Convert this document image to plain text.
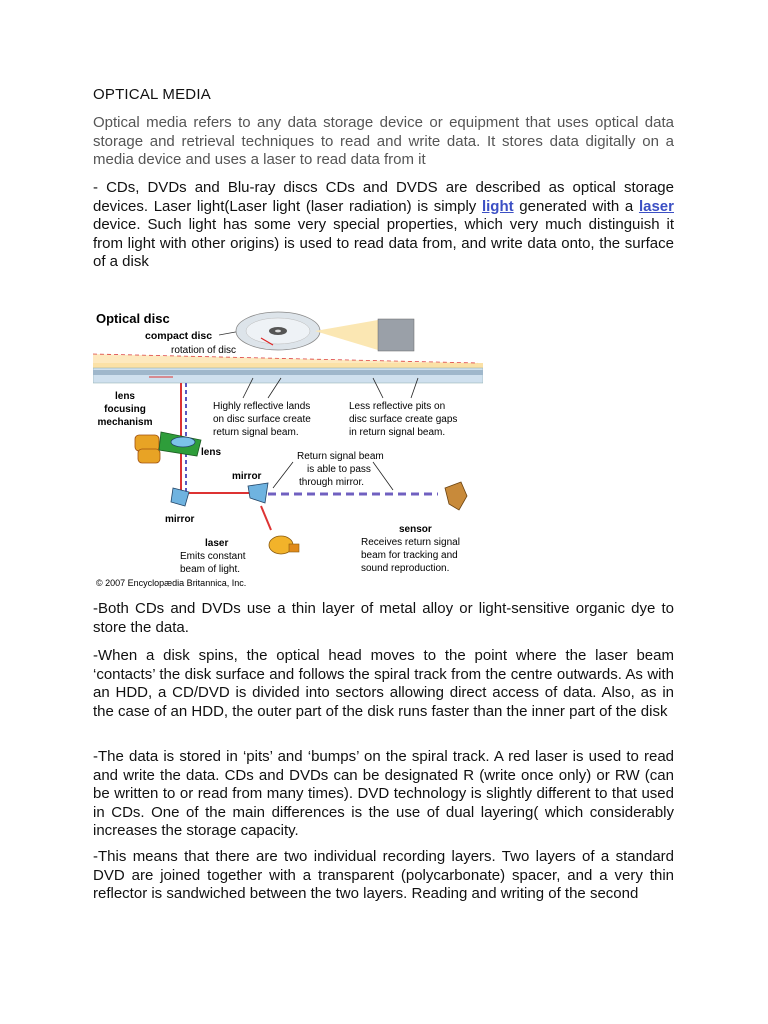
OPTICAL MEDIA

Optical media refers to any data storage device or equipment that uses optical data storage and retrieval techniques to read and write data. It stores data digitally on a media device and uses a laser to read data from it

- CDs, DVDs and Blu-ray discs CDs and DVDS are described as optical storage devices. Laser light(Laser light (laser radiation) is simply light generated with a laser device. Such light has some very special properties, which very much distinguish it from light with other origins) is used to read data from, and write data onto, the surface of a disk

Optical disc
compact disc
rotation of disc
lens
focusing
mechanism
lens
Highly reflective lands
on disc surface create
return signal beam.
Less reflective pits on
disc surface create gaps
in return signal beam.
mirror
Return signal beam
is able to pass
through mirror.
sensor
Receives return signal
beam for tracking and
sound reproduction.
mirror
laser
Emits constant
beam of light.
© 2007 Encyclopædia Britannica, Inc.

-Both CDs and DVDs use a thin layer of metal alloy or light-sensitive organic dye to store the data.

-When a disk spins, the optical head moves to the point where the laser beam ‘contacts’ the disk surface and follows the spiral track from the centre outwards. As with an HDD, a CD/DVD is divided into sectors allowing direct access of data. Also, as in the case of an HDD, the outer part of the disk runs faster than the inner part of the disk

-The data is stored in ‘pits’ and ‘bumps’ on the spiral track. A red laser is used to read and write the data. CDs and DVDs can be designated R (write once only) or RW (can be written to or read from many times). DVD technology is slightly different to that used in CDs. One of the main differences is the use of dual layering( which considerably increases the storage capacity.

-This means that there are two individual recording layers. Two layers of a standard DVD are joined together with a transparent (polycarbonate) spacer, and a very thin reflector is sandwiched between the two layers. Reading and writing of the second
